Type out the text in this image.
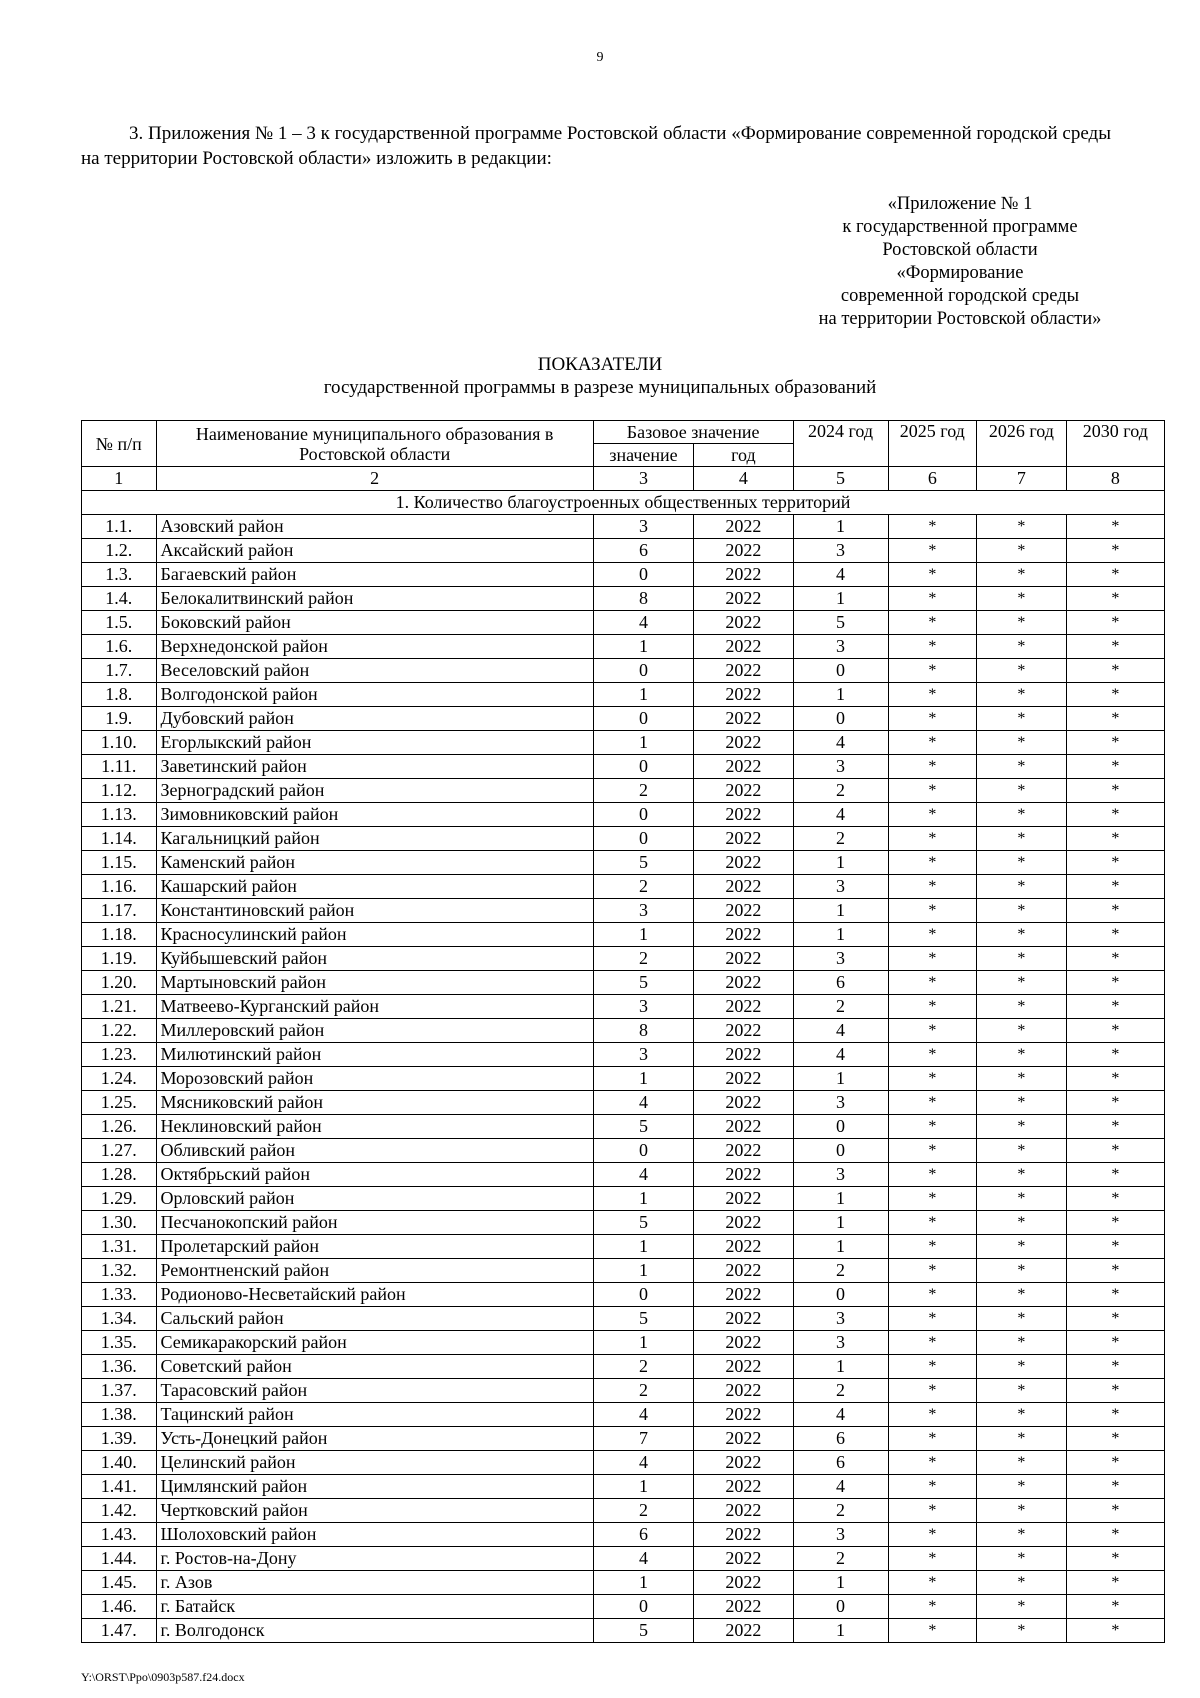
9
3. Приложения № 1 – 3 к государственной программе Ростовской области «Формирование современной городской среды на территории Ростовской области» изложить в редакции:
«Приложение № 1
к государственной программе
Ростовской области
«Формирование
современной городской среды
на территории Ростовской области»
ПОКАЗАТЕЛИ
государственной программы в разрезе муниципальных образований
№ п/п	Наименование муниципального образования в Ростовской области	Базовое значение		2024 год	2025 год	2026 год	2030 год
		значение	год				
1	2	3	4	5	6	7	8
1. Количество благоустроенных общественных территорий							
1.1.	Азовский район	3	2022	1	*	*	*
1.2.	Аксайский район	6	2022	3	*	*	*
1.3.	Багаевский район	0	2022	4	*	*	*
1.4.	Белокалитвинский район	8	2022	1	*	*	*
1.5.	Боковский район	4	2022	5	*	*	*
1.6.	Верхнедонской район	1	2022	3	*	*	*
1.7.	Веселовский район	0	2022	0	*	*	*
1.8.	Волгодонской район	1	2022	1	*	*	*
1.9.	Дубовский район	0	2022	0	*	*	*
1.10.	Егорлыкский район	1	2022	4	*	*	*
1.11.	Заветинский район	0	2022	3	*	*	*
1.12.	Зерноградский район	2	2022	2	*	*	*
1.13.	Зимовниковский район	0	2022	4	*	*	*
1.14.	Кагальницкий район	0	2022	2	*	*	*
1.15.	Каменский район	5	2022	1	*	*	*
1.16.	Кашарский район	2	2022	3	*	*	*
1.17.	Константиновский район	3	2022	1	*	*	*
1.18.	Красносулинский район	1	2022	1	*	*	*
1.19.	Куйбышевский район	2	2022	3	*	*	*
1.20.	Мартыновский район	5	2022	6	*	*	*
1.21.	Матвеево-Курганский район	3	2022	2	*	*	*
1.22.	Миллеровский район	8	2022	4	*	*	*
1.23.	Милютинский район	3	2022	4	*	*	*
1.24.	Морозовский район	1	2022	1	*	*	*
1.25.	Мясниковский район	4	2022	3	*	*	*
1.26.	Неклиновский район	5	2022	0	*	*	*
1.27.	Обливский район	0	2022	0	*	*	*
1.28.	Октябрьский район	4	2022	3	*	*	*
1.29.	Орловский район	1	2022	1	*	*	*
1.30.	Песчанокопский район	5	2022	1	*	*	*
1.31.	Пролетарский район	1	2022	1	*	*	*
1.32.	Ремонтненский район	1	2022	2	*	*	*
1.33.	Родионово-Несветайский район	0	2022	0	*	*	*
1.34.	Сальский район	5	2022	3	*	*	*
1.35.	Семикаракорский район	1	2022	3	*	*	*
1.36.	Советский район	2	2022	1	*	*	*
1.37.	Тарасовский район	2	2022	2	*	*	*
1.38.	Тацинский район	4	2022	4	*	*	*
1.39.	Усть-Донецкий район	7	2022	6	*	*	*
1.40.	Целинский район	4	2022	6	*	*	*
1.41.	Цимлянский район	1	2022	4	*	*	*
1.42.	Чертковский район	2	2022	2	*	*	*
1.43.	Шолоховский район	6	2022	3	*	*	*
1.44.	г. Ростов-на-Дону	4	2022	2	*	*	*
1.45.	г. Азов	1	2022	1	*	*	*
1.46.	г. Батайск	0	2022	0	*	*	*
1.47.	г. Волгодонск	5	2022	1	*	*	*
Y:\ORST\Ppo\0903p587.f24.docx
